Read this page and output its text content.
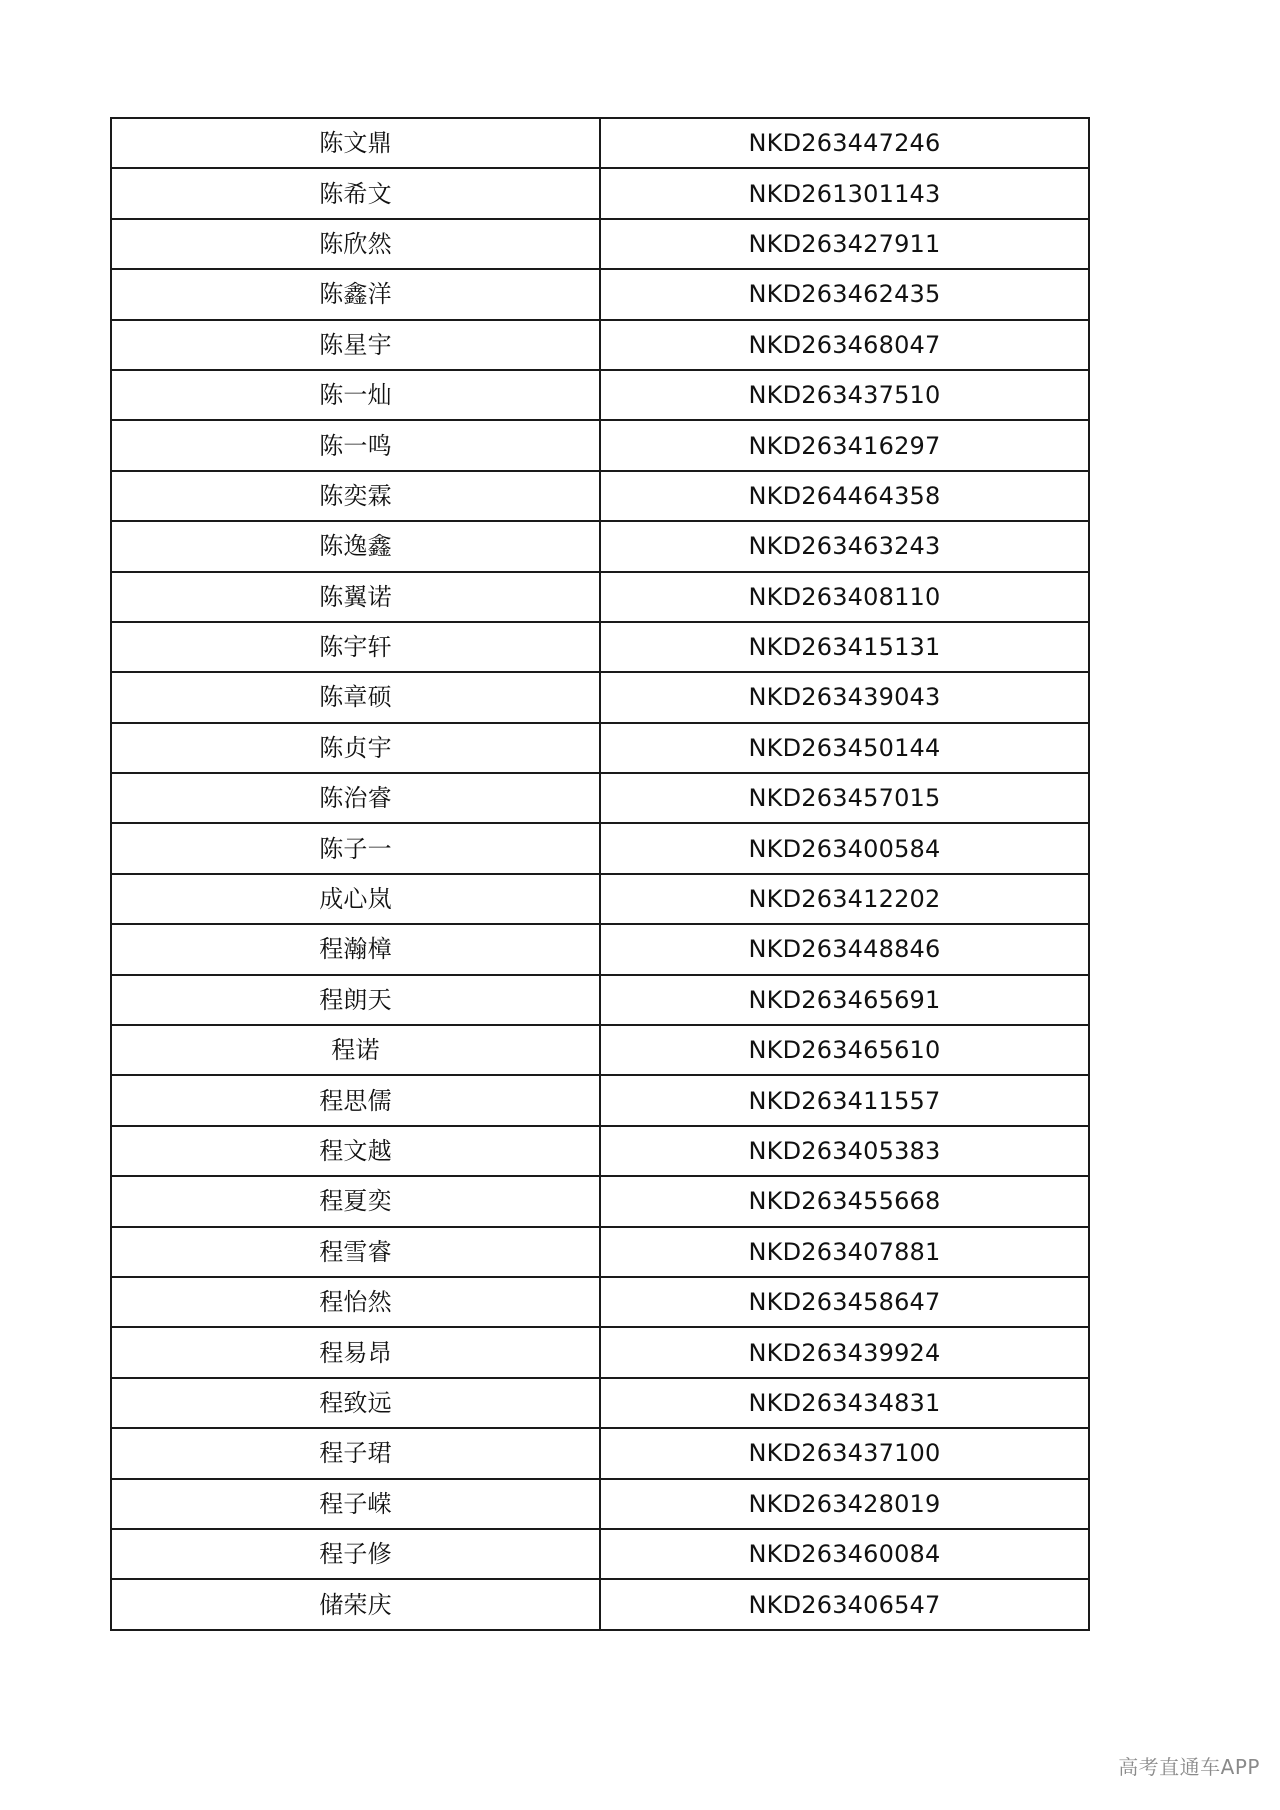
陈文鼎	NKD263447246
陈希文	NKD261301143
陈欣然	NKD263427911
陈鑫洋	NKD263462435
陈星宇	NKD263468047
陈一灿	NKD263437510
陈一鸣	NKD263416297
陈奕霖	NKD264464358
陈逸鑫	NKD263463243
陈翼诺	NKD263408110
陈宇轩	NKD263415131
陈章硕	NKD263439043
陈贞宇	NKD263450144
陈治睿	NKD263457015
陈子一	NKD263400584
成心岚	NKD263412202
程瀚樟	NKD263448846
程朗天	NKD263465691
程诺	NKD263465610
程思儒	NKD263411557
程文越	NKD263405383
程夏奕	NKD263455668
程雪睿	NKD263407881
程怡然	NKD263458647
程易昂	NKD263439924
程致远	NKD263434831
程子珺	NKD263437100
程子嵘	NKD263428019
程子修	NKD263460084
储荣庆	NKD263406547
高考直通车APP
